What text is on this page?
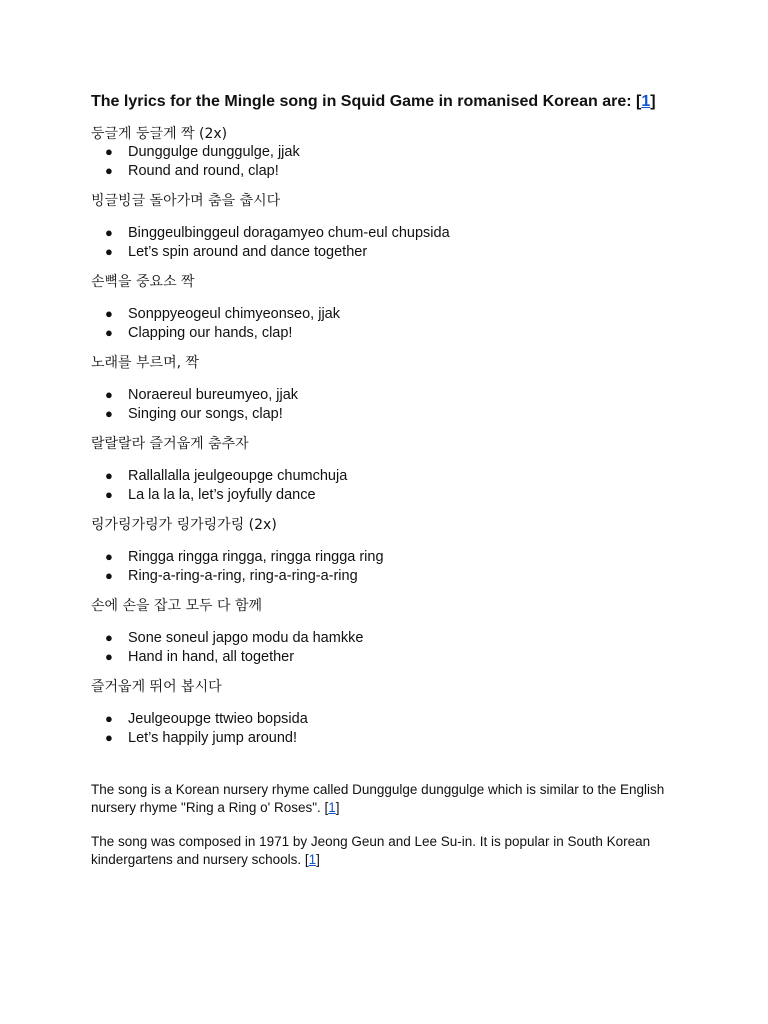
The lyrics for the Mingle song in Squid Game in romanised Korean are: [1]

둥글게 둥글게 짝 (2x)

● Dunggulge dunggulge, jjak
● Round and round, clap!

빙글빙글 돌아가며 춤을 춥시다

● Binggeulbinggeul doragamyeo chum-eul chupsida
● Let’s spin around and dance together

손뼉을 중요소 짝

● Sonppyeogeul chimyeonseo, jjak
● Clapping our hands, clap!

노래를 부르며, 짝

● Noraereul bureumyeo, jjak
● Singing our songs, clap!

랄랄랄라 즐거웁게 춤추자

● Rallallalla jeulgeoupge chumchuja
● La la la la, let’s joyfully dance

링가링가링가 링가링가링 (2x)

● Ringga ringga ringga, ringga ringga ring
● Ring-a-ring-a-ring, ring-a-ring-a-ring

손에 손을 잡고 모두 다 함께

● Sone soneul japgo modu da hamkke
● Hand in hand, all together

즐거웁게 뛰어 봅시다

● Jeulgeoupge ttwieo bopsida
● Let’s happily jump around!

The song is a Korean nursery rhyme called Dunggulge dunggulge which is similar to the English nursery rhyme "Ring a Ring o' Roses". [1]

The song was composed in 1971 by Jeong Geun and Lee Su-in. It is popular in South Korean kindergartens and nursery schools. [1]
